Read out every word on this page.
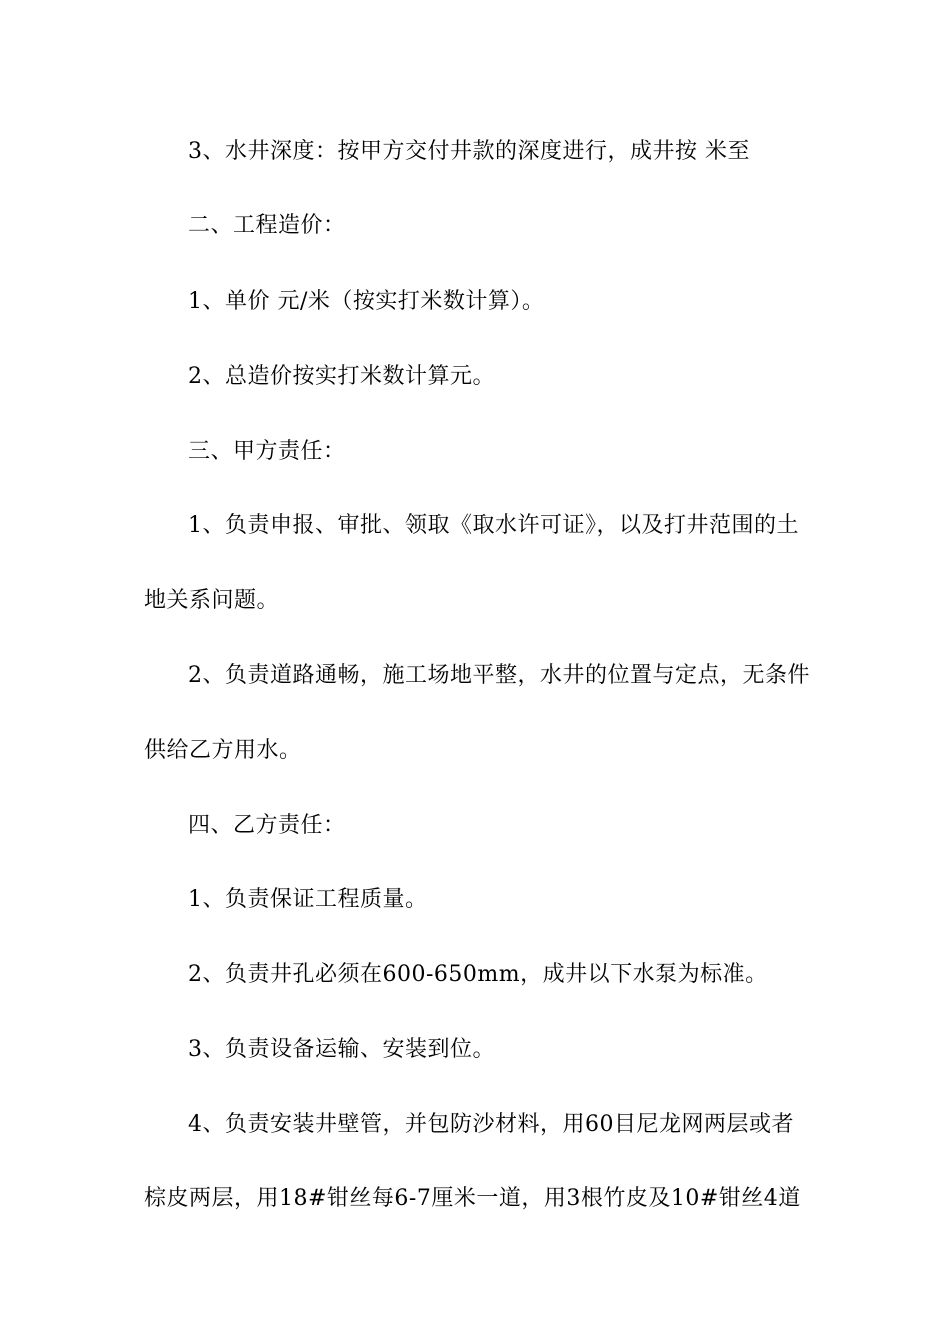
3、水井深度：按甲方交付井款的深度进行，成井按 米至
二、工程造价：
1、单价 元/米（按实打米数计算）。
2、总造价按实打米数计算元。
三、甲方责任：
1、负责申报、审批、领取《取水许可证》，以及打井范围的土
地关系问题。
2、负责道路通畅，施工场地平整，水井的位置与定点，无条件
供给乙方用水。
四、乙方责任：
1、负责保证工程质量。
2、负责井孔必须在600-650mm，成井以下水泵为标准。
3、负责设备运输、安装到位。
4、负责安装井壁管，并包防沙材料，用60目尼龙网两层或者
棕皮两层，用18#钳丝每6-7厘米一道，用3根竹皮及10#钳丝4道
